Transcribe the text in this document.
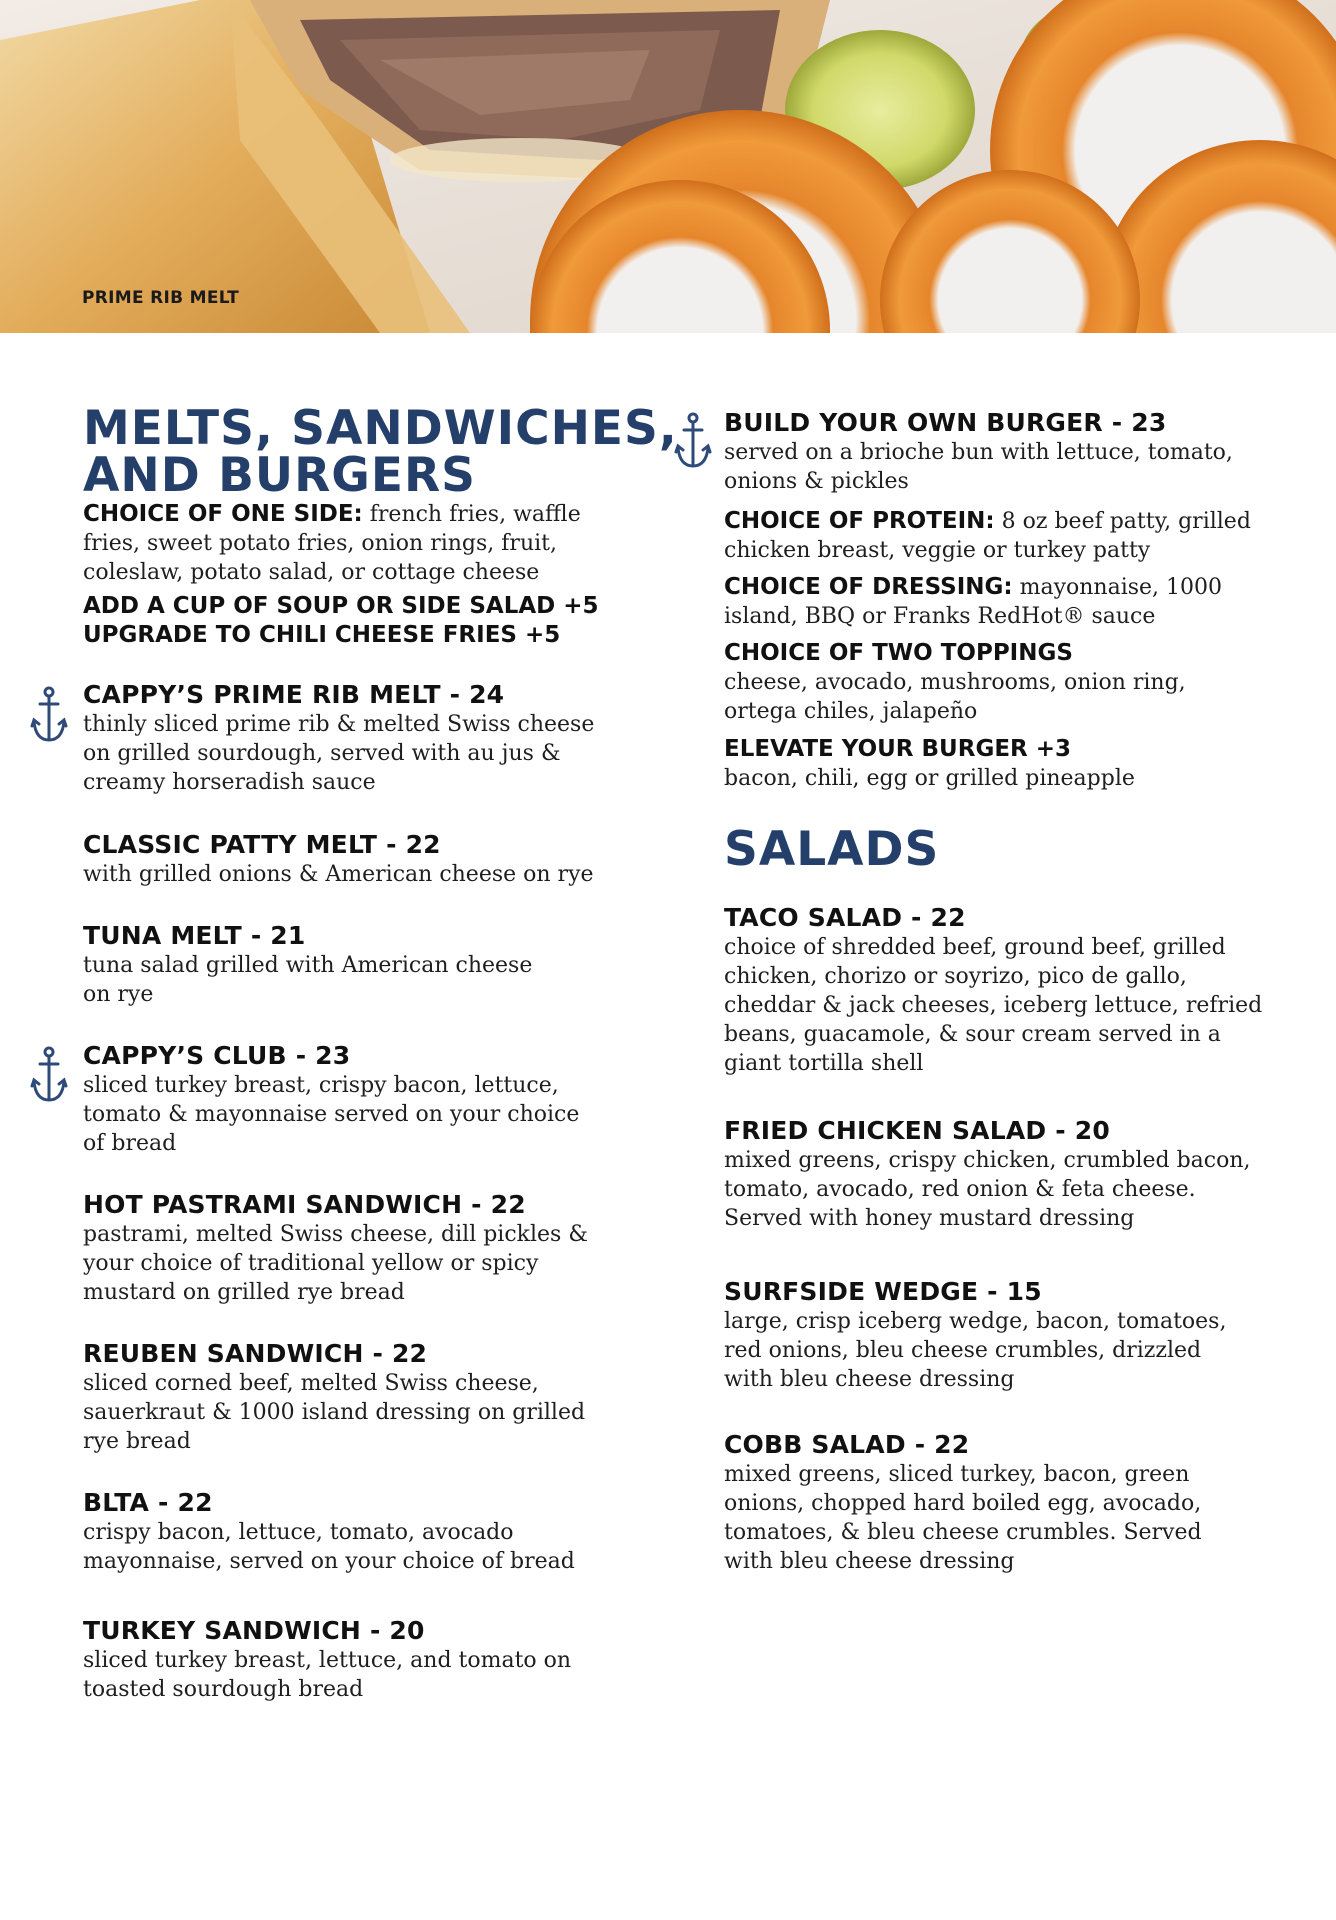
PRIME RIB MELT
MELTS, SANDWICHES,
AND BURGERS
CHOICE OF ONE SIDE: french fries, waffle fries, sweet potato fries, onion rings, fruit, coleslaw, potato salad, or cottage cheese
ADD A CUP OF SOUP OR SIDE SALAD +5
UPGRADE TO CHILI CHEESE FRIES +5
CAPPY’S PRIME RIB MELT - 24
thinly sliced prime rib & melted Swiss cheese on grilled sourdough, served with au jus & creamy horseradish sauce
CLASSIC PATTY MELT - 22
with grilled onions & American cheese on rye
TUNA MELT - 21
tuna salad grilled with American cheese on rye
CAPPY’S CLUB - 23
sliced turkey breast, crispy bacon, lettuce, tomato & mayonnaise served on your choice of bread
HOT PASTRAMI SANDWICH - 22
pastrami, melted Swiss cheese, dill pickles & your choice of traditional yellow or spicy mustard on grilled rye bread
REUBEN SANDWICH - 22
sliced corned beef, melted Swiss cheese, sauerkraut & 1000 island dressing on grilled rye bread
BLTA - 22
crispy bacon, lettuce, tomato, avocado mayonnaise, served on your choice of bread
TURKEY SANDWICH - 20
sliced turkey breast, lettuce, and tomato on toasted sourdough bread
BUILD YOUR OWN BURGER - 23
served on a brioche bun with lettuce, tomato, onions & pickles
CHOICE OF PROTEIN: 8 oz beef patty, grilled chicken breast, veggie or turkey patty
CHOICE OF DRESSING: mayonnaise, 1000 island, BBQ or Franks RedHot® sauce
CHOICE OF TWO TOPPINGS
cheese, avocado, mushrooms, onion ring, ortega chiles, jalapeño
ELEVATE YOUR BURGER +3
bacon, chili, egg or grilled pineapple
SALADS
TACO SALAD - 22
choice of shredded beef, ground beef, grilled chicken, chorizo or soyrizo, pico de gallo, cheddar & jack cheeses, iceberg lettuce, refried beans, guacamole, & sour cream served in a giant tortilla shell
FRIED CHICKEN SALAD - 20
mixed greens, crispy chicken, crumbled bacon, tomato, avocado, red onion & feta cheese. Served with honey mustard dressing
SURFSIDE WEDGE - 15
large, crisp iceberg wedge, bacon, tomatoes, red onions, bleu cheese crumbles, drizzled with bleu cheese dressing
COBB SALAD - 22
mixed greens, sliced turkey, bacon, green onions, chopped hard boiled egg, avocado, tomatoes, & bleu cheese crumbles. Served with bleu cheese dressing
